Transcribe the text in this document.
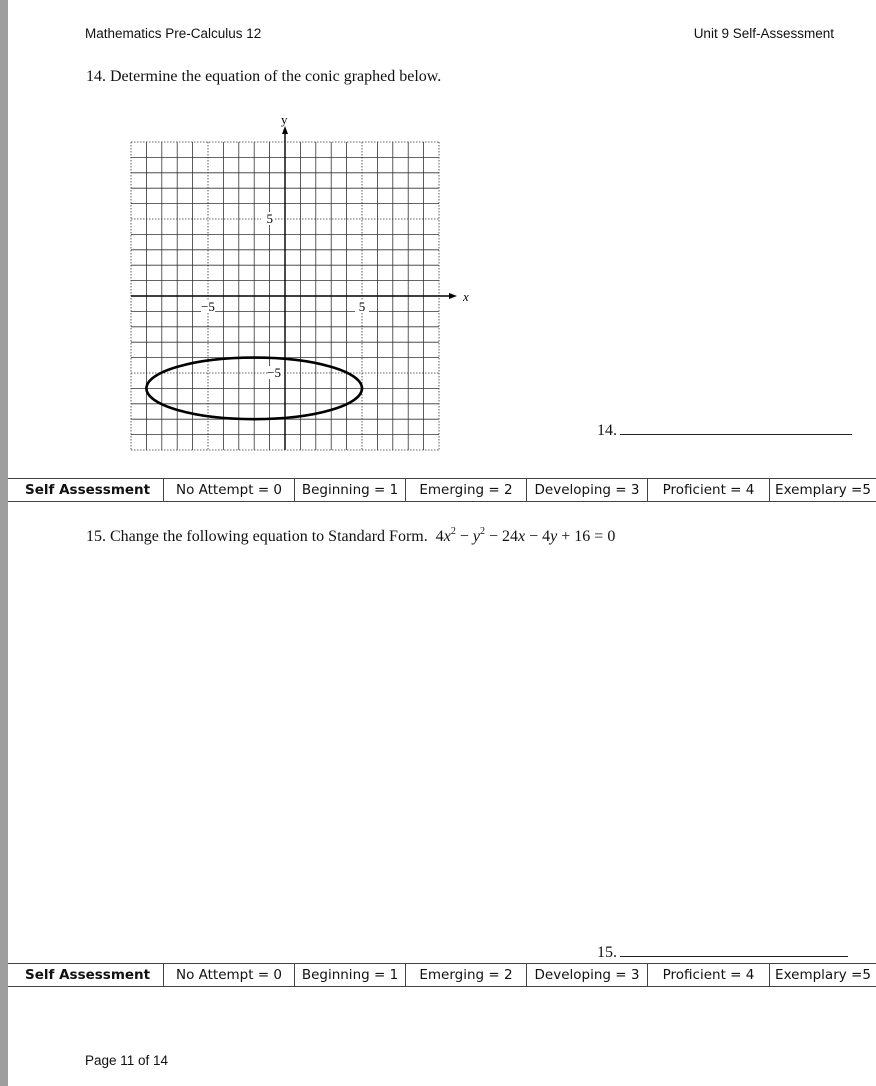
Mathematics Pre-Calculus 12	Unit 9 Self-Assessment
14. Determine the equation of the conic graphed below.
x
y
5
−5	5
−5
14.
Self Assessment	No Attempt = 0	Beginning = 1	Emerging = 2	Developing = 3	Proficient = 4	Exemplary =5
15. Change the following equation to Standard Form. $4x^2 - y^2 - 24x - 4y + 16 = 0$
15.
Self Assessment	No Attempt = 0	Beginning = 1	Emerging = 2	Developing = 3	Proficient = 4	Exemplary =5
Page 11 of 14
